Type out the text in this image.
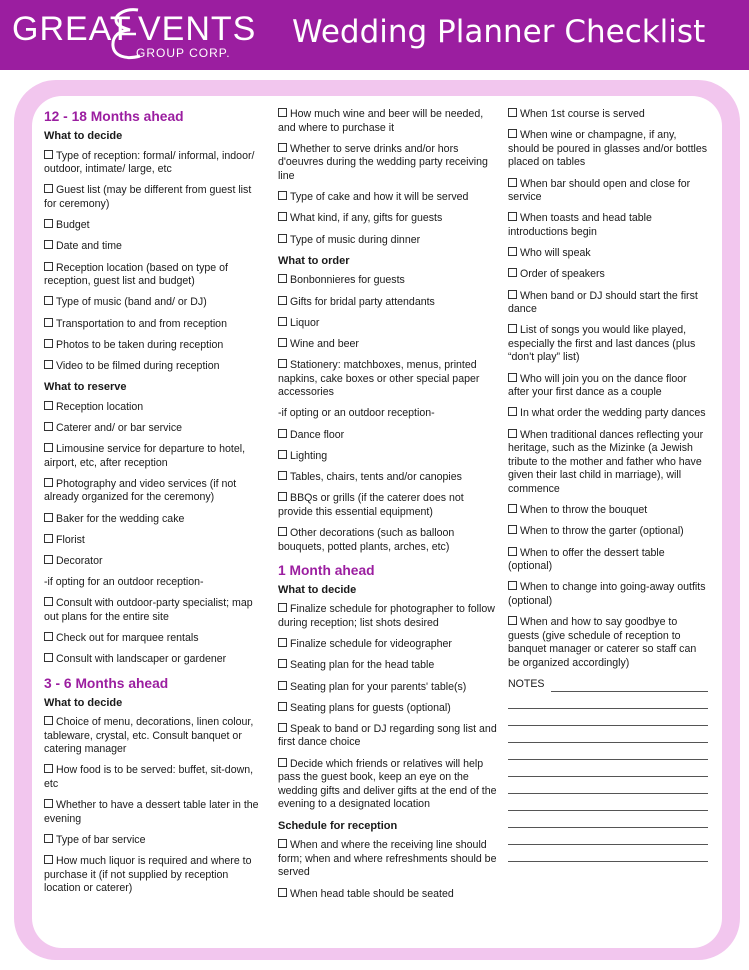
GREAT VENTS
GROUP CORP.
Wedding Planner Checklist
12 - 18 Months ahead
What to decide
Type of reception: formal/ informal, indoor/ outdoor, intimate/ large, etc
Guest list (may be different from guest list for ceremony)
Budget
Date and time
Reception location (based on type of reception, guest list and budget)
Type of music (band and/ or DJ)
Transportation to and from reception
Photos to be taken during reception
Video to be filmed during reception
What to reserve
Reception location
Caterer and/ or bar service
Limousine service for departure to hotel, airport, etc, after reception
Photography and video services (if not already organized for the ceremony)
Baker for the wedding cake
Florist
Decorator
-if opting for an outdoor reception-
Consult with outdoor-party specialist; map out plans for the entire site
Check out for marquee rentals
Consult with landscaper or gardener
3 - 6 Months ahead
What to decide
Choice of menu, decorations, linen colour, tableware, crystal, etc. Consult banquet or catering manager
How food is to be served: buffet, sit-down, etc
Whether to have a dessert table later in the evening
Type of bar service
How much liquor is required and where to purchase it (if not supplied by reception location or caterer)
How much wine and beer will be needed, and where to purchase it
Whether to serve drinks and/or hors d'oeuvres during the wedding party receiving line
Type of cake and how it will be served
What kind, if any, gifts for guests
Type of music during dinner
What to order
Bonbonnieres for guests
Gifts for bridal party attendants
Liquor
Wine and beer
Stationery: matchboxes, menus, printed napkins, cake boxes or other special paper accessories
-if opting or an outdoor reception-
Dance floor
Lighting
Tables, chairs, tents and/or canopies
BBQs or grills (if the caterer does not provide this essential equipment)
Other decorations (such as balloon bouquets, potted plants, arches, etc)
1 Month ahead
What to decide
Finalize schedule for photographer to follow during reception; list shots desired
Finalize schedule for videographer
Seating plan for the head table
Seating plan for your parents' table(s)
Seating plans for guests (optional)
Speak to band or DJ regarding song list and first dance choice
Decide which friends or relatives will help pass the guest book, keep an eye on the wedding gifts and deliver gifts at the end of the evening to a designated location
Schedule for reception
When and where the receiving line should form; when and where refreshments should be served
When head table should be seated
When 1st course is served
When wine or champagne, if any, should be poured in glasses and/or bottles placed on tables
When bar should open and close for service
When toasts and head table introductions begin
Who will speak
Order of speakers
When band or DJ should start the first dance
List of songs you would like played, especially the first and last dances (plus “don't play” list)
Who will join you on the dance floor after your first dance as a couple
In what order the wedding party dances
When traditional dances reflecting your heritage, such as the Mizinke (a Jewish tribute to the mother and father who have given their last child in marriage), will commence
When to throw the bouquet
When to throw the garter (optional)
When to offer the dessert table (optional)
When to change into going-away outfits (optional)
When and how to say goodbye to guests (give schedule of reception to banquet manager or caterer so staff can be organized accordingly)
NOTES
